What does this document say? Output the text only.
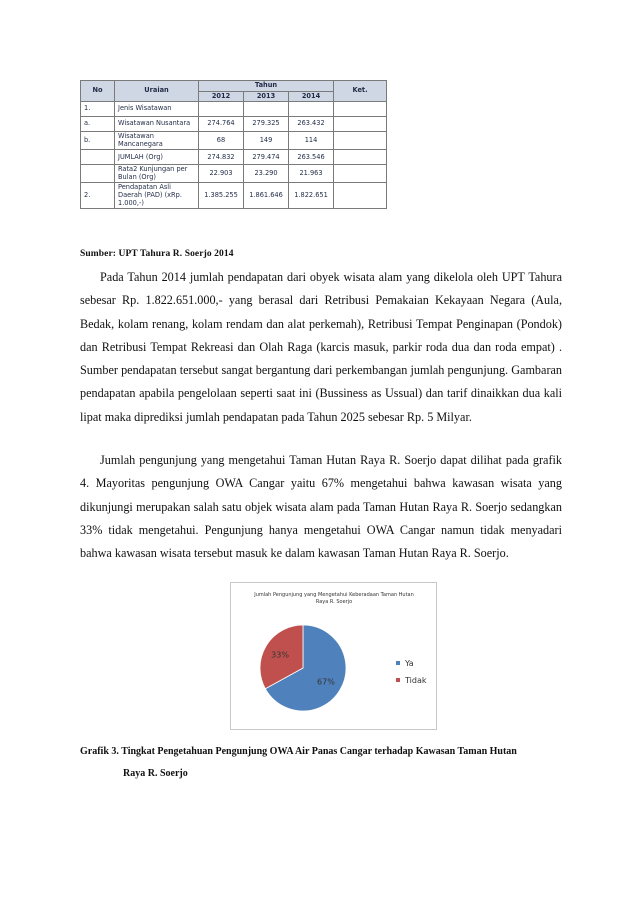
No	Uraian	Tahun			Ket.
		2012	2013	2014	
1.	Jenis Wisatawan				
a.	Wisatawan Nusantara	274.764	279.325	263.432	
b.	Wisatawan Mancanegara	68	149	114	
	JUMLAH (Org)	274.832	279.474	263.546	
	Rata2 Kunjungan per Bulan (Org)	22.903	23.290	21.963	
2.	Pendapatan Asli Daerah (PAD) (xRp. 1.000,-)	1.385.255	1.861.646	1.822.651	
Sumber: UPT Tahura R. Soerjo 2014

Pada Tahun 2014 jumlah pendapatan dari obyek wisata alam yang dikelola oleh UPT Tahura sebesar Rp. 1.822.651.000,- yang berasal dari Retribusi Pemakaian Kekayaan Negara (Aula, Bedak, kolam renang, kolam rendam dan alat perkemah), Retribusi Tempat Penginapan (Pondok) dan Retribusi Tempat Rekreasi dan Olah Raga (karcis masuk, parkir roda dua dan roda empat) . Sumber pendapatan tersebut sangat bergantung dari perkembangan jumlah pengunjung. Gambaran pendapatan apabila pengelolaan seperti saat ini (Bussiness as Ussual) dan tarif dinaikkan dua kali lipat maka diprediksi jumlah pendapatan pada Tahun 2025 sebesar Rp. 5 Milyar.

Jumlah pengunjung yang mengetahui Taman Hutan Raya R. Soerjo dapat dilihat pada grafik 4. Mayoritas pengunjung OWA Cangar yaitu 67% mengetahui bahwa kawasan wisata yang dikunjungi merupakan salah satu objek wisata alam pada Taman Hutan Raya R. Soerjo sedangkan 33% tidak mengetahui. Pengunjung hanya mengetahui OWA Cangar namun tidak menyadari bahwa kawasan wisata tersebut masuk ke dalam kawasan Taman Hutan Raya R. Soerjo.

Jumlah Pengunjung yang Mengetahui Keberadaan Taman Hutan Raya R. Soerjo
67%
33%
Ya
Tidak
Grafik 3. Tingkat Pengetahuan Pengunjung OWA Air Panas Cangar terhadap Kawasan Taman Hutan
Raya R. Soerjo
